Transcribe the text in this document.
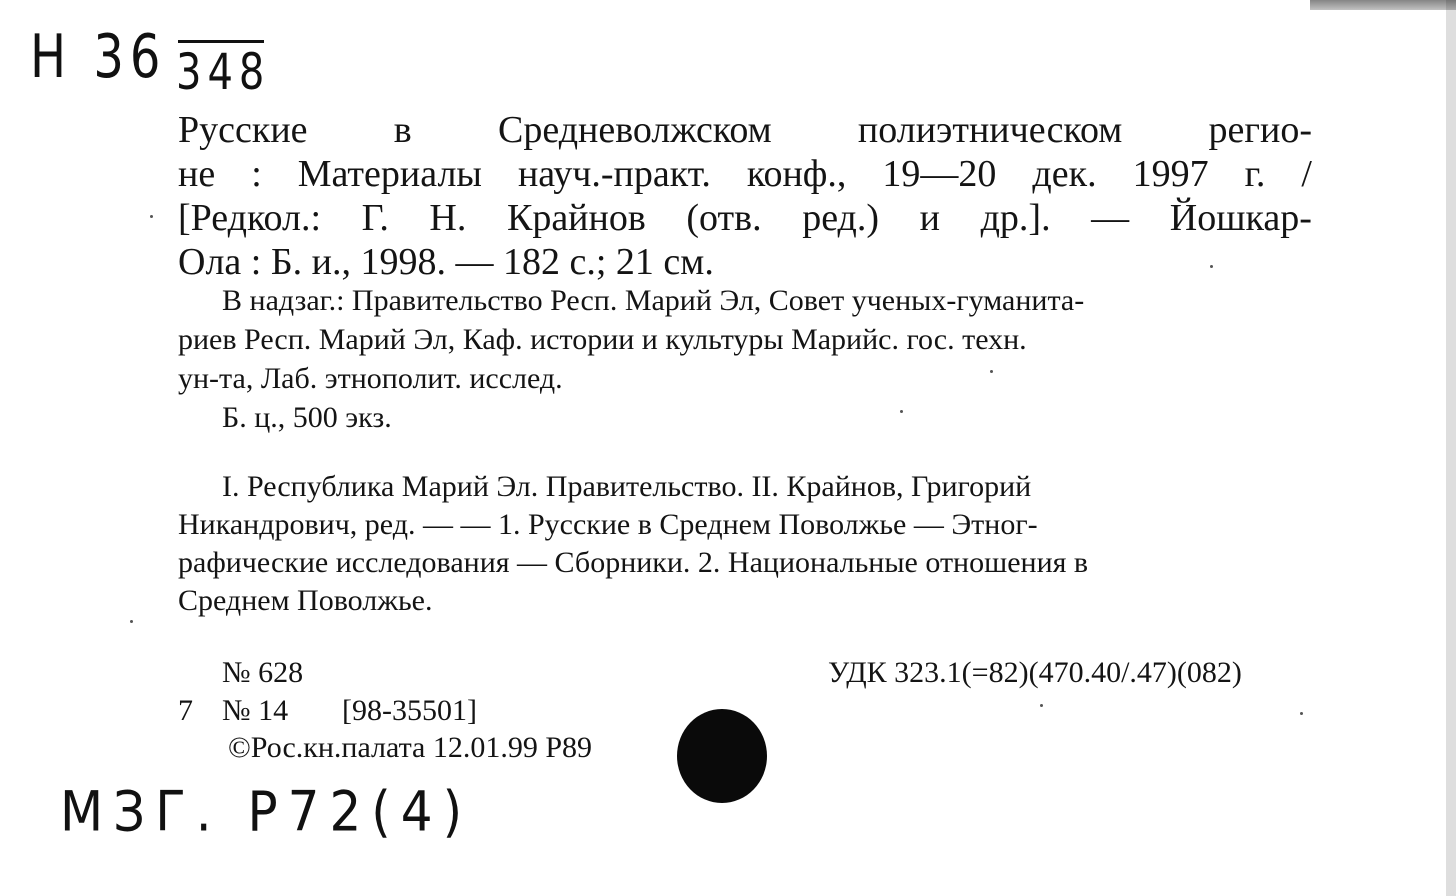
Н 36 348
Русские в Средневолжском полиэтническом регио-
не : Материалы науч.-практ. конф., 19—20 дек. 1997 г. /
[Редкол.: Г. Н. Крайнов (отв. ред.) и др.]. — Йошкар-
Ола : Б. и., 1998. — 182 с.; 21 см.
В надзаг.: Правительство Респ. Марий Эл, Совет ученых-гуманита-
риев Респ. Марий Эл, Каф. истории и культуры Марийс. гос. техн.
ун-та, Лаб. этнополит. исслед.
Б. ц., 500 экз.
I. Республика Марий Эл. Правительство. II. Крайнов, Григорий
Никандрович, ред. — — 1. Русские в Среднем Поволжье — Этног-
рафические исследования — Сборники. 2. Национальные отношения в
Среднем Поволжье.
№ 628	УДК 323.1(=82)(470.40/.47)(082)
7 № 14 [98-35501]
©Рос.кн.палата 12.01.99 Р89
МЗГ. Р72(4)
